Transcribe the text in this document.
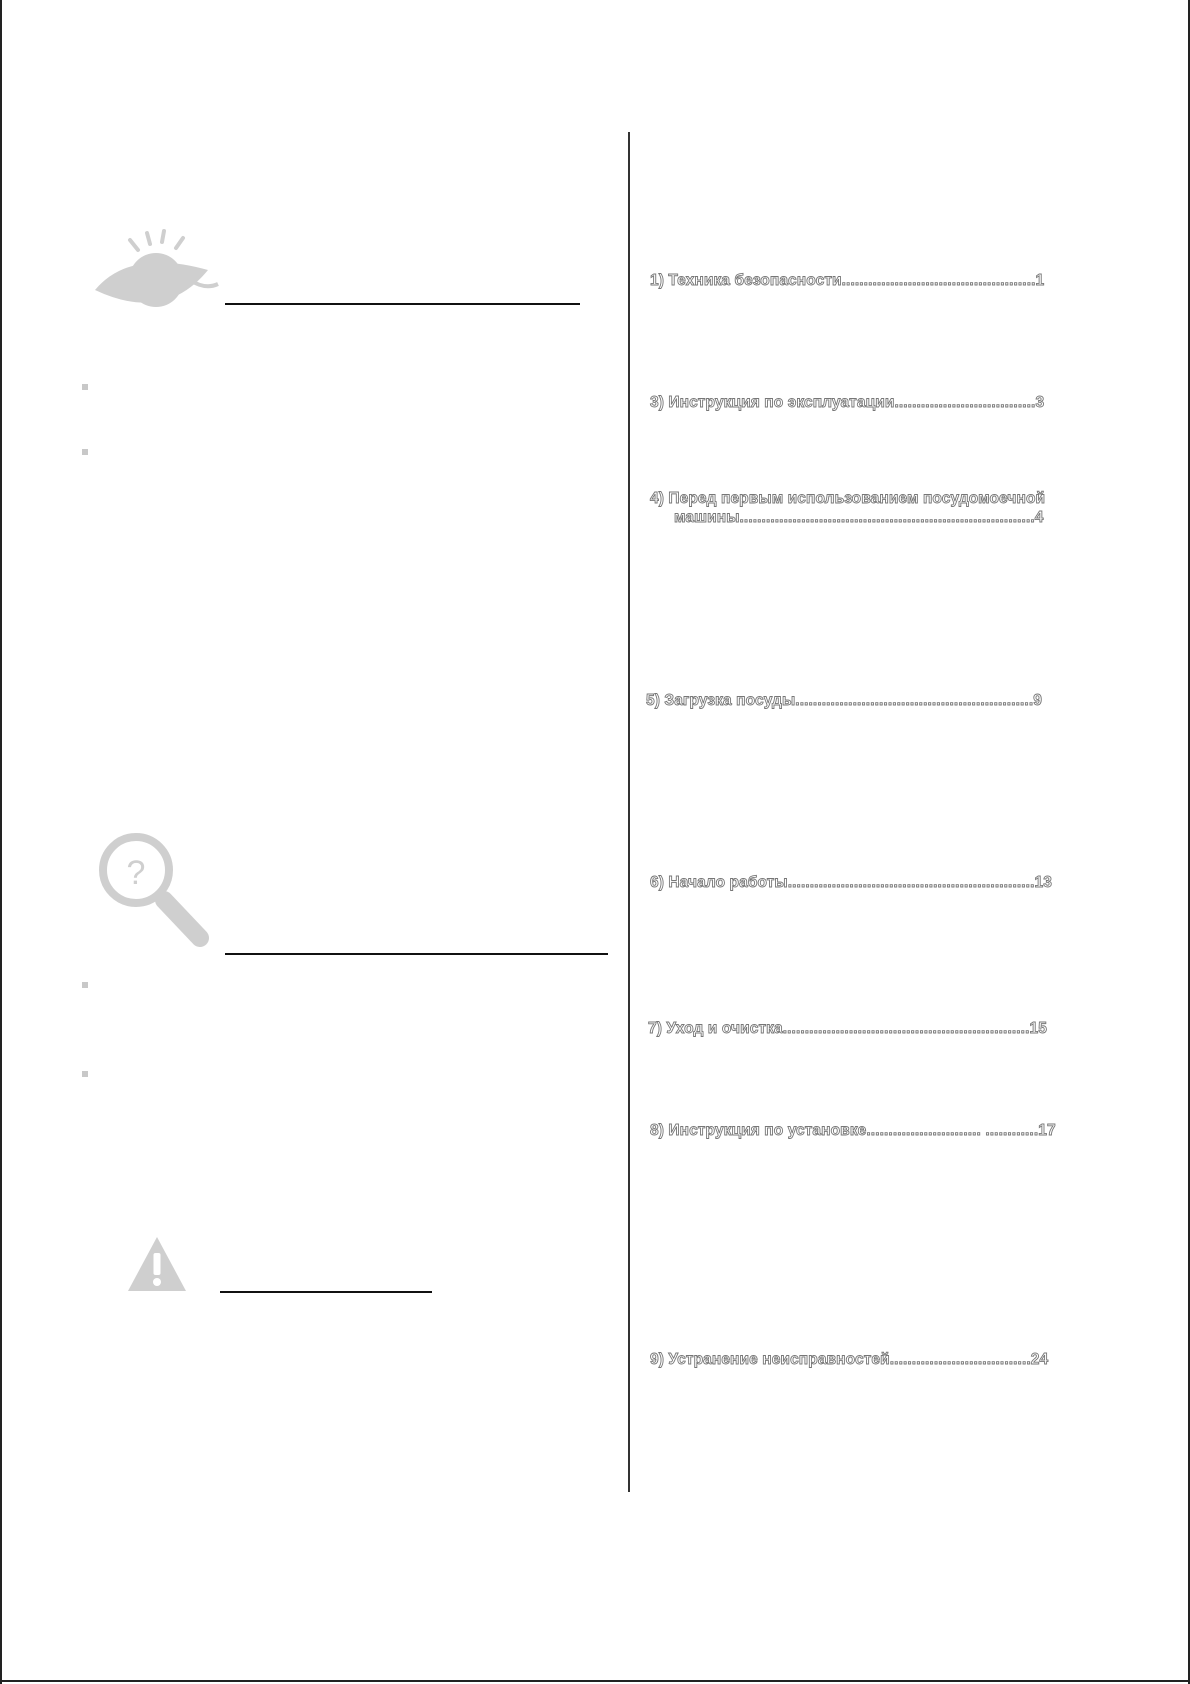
?
1) Техника безопасности............................................1
3) Инструкция по эксплуатации................................3
4) Перед первым использованием посудомоечной
машины...................................................................4
5) Загрузка посуды......................................................9
6) Начало работы........................................................13
7) Уход и очистка........................................................15
8) Инструкция по установке.......................... ............17
9) Устранение неисправностей................................24
